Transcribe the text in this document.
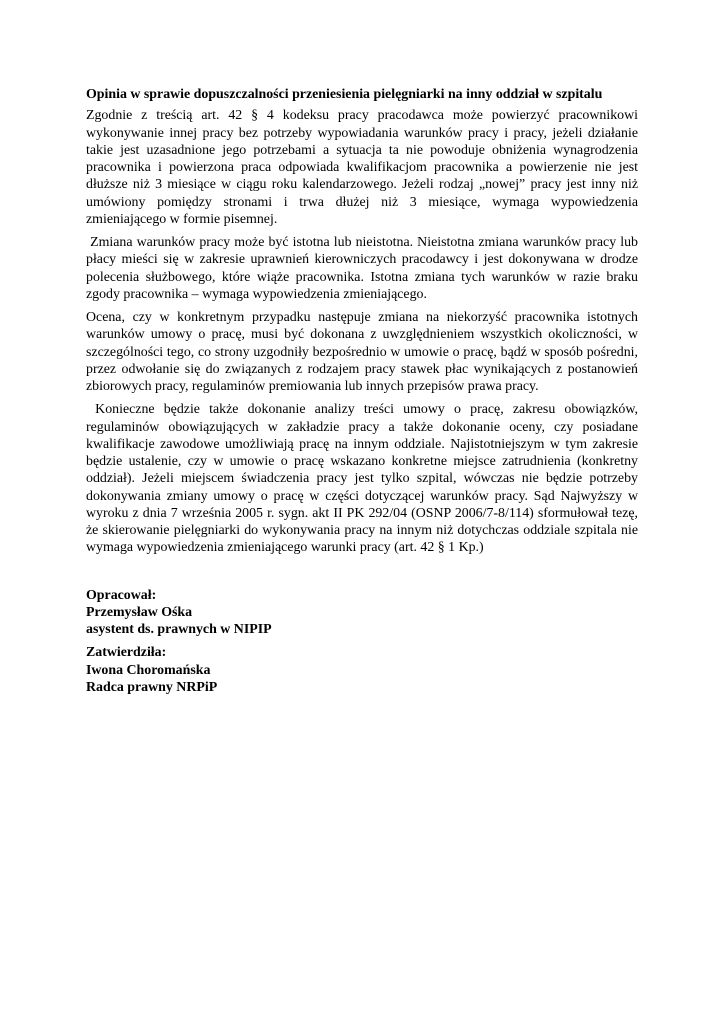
Opinia w sprawie dopuszczalności przeniesienia pielęgniarki na inny oddział w szpitalu

Zgodnie z treścią art. 42 § 4 kodeksu pracy pracodawca może powierzyć pracownikowi wykonywanie innej pracy bez potrzeby wypowiadania warunków pracy i pracy, jeżeli działanie takie jest uzasadnione jego potrzebami a sytuacja ta nie powoduje obniżenia wynagrodzenia pracownika i powierzona praca odpowiada kwalifikacjom pracownika a powierzenie nie jest dłuższe niż 3 miesiące w ciągu roku kalendarzowego. Jeżeli rodzaj „nowej” pracy jest inny niż umówiony pomiędzy stronami i trwa dłużej niż 3 miesiące, wymaga wypowiedzenia zmieniającego w formie pisemnej.

Zmiana warunków pracy może być istotna lub nieistotna. Nieistotna zmiana warunków pracy lub płacy mieści się w zakresie uprawnień kierowniczych pracodawcy i jest dokonywana w drodze polecenia służbowego, które wiąże pracownika. Istotna zmiana tych warunków w razie braku zgody pracownika – wymaga wypowiedzenia zmieniającego.

Ocena, czy w konkretnym przypadku następuje zmiana na niekorzyść pracownika istotnych warunków umowy o pracę, musi być dokonana z uwzględnieniem wszystkich okoliczności, w szczególności tego, co strony uzgodniły bezpośrednio w umowie o pracę, bądź w sposób pośredni, przez odwołanie się do związanych z rodzajem pracy stawek płac wynikających z postanowień zbiorowych pracy, regulaminów premiowania lub innych przepisów prawa pracy.

Konieczne będzie także dokonanie analizy treści umowy o pracę, zakresu obowiązków, regulaminów obowiązujących w zakładzie pracy a także dokonanie oceny, czy posiadane kwalifikacje zawodowe umożliwiają pracę na innym oddziale. Najistotniejszym w tym zakresie będzie ustalenie, czy w umowie o pracę wskazano konkretne miejsce zatrudnienia (konkretny oddział). Jeżeli miejscem świadczenia pracy jest tylko szpital, wówczas nie będzie potrzeby dokonywania zmiany umowy o pracę w części dotyczącej warunków pracy. Sąd Najwyższy w wyroku z dnia 7 września 2005 r. sygn. akt II PK 292/04 (OSNP 2006/7-8/114) sformułował tezę, że skierowanie pielęgniarki do wykonywania pracy na innym niż dotychczas oddziale szpitala nie wymaga wypowiedzenia zmieniającego warunki pracy (art. 42 § 1 Kp.)

Opracował:
Przemysław Ośka
asystent ds. prawnych w NIPIP
Zatwierdziła:
Iwona Choromańska
Radca prawny NRPiP
